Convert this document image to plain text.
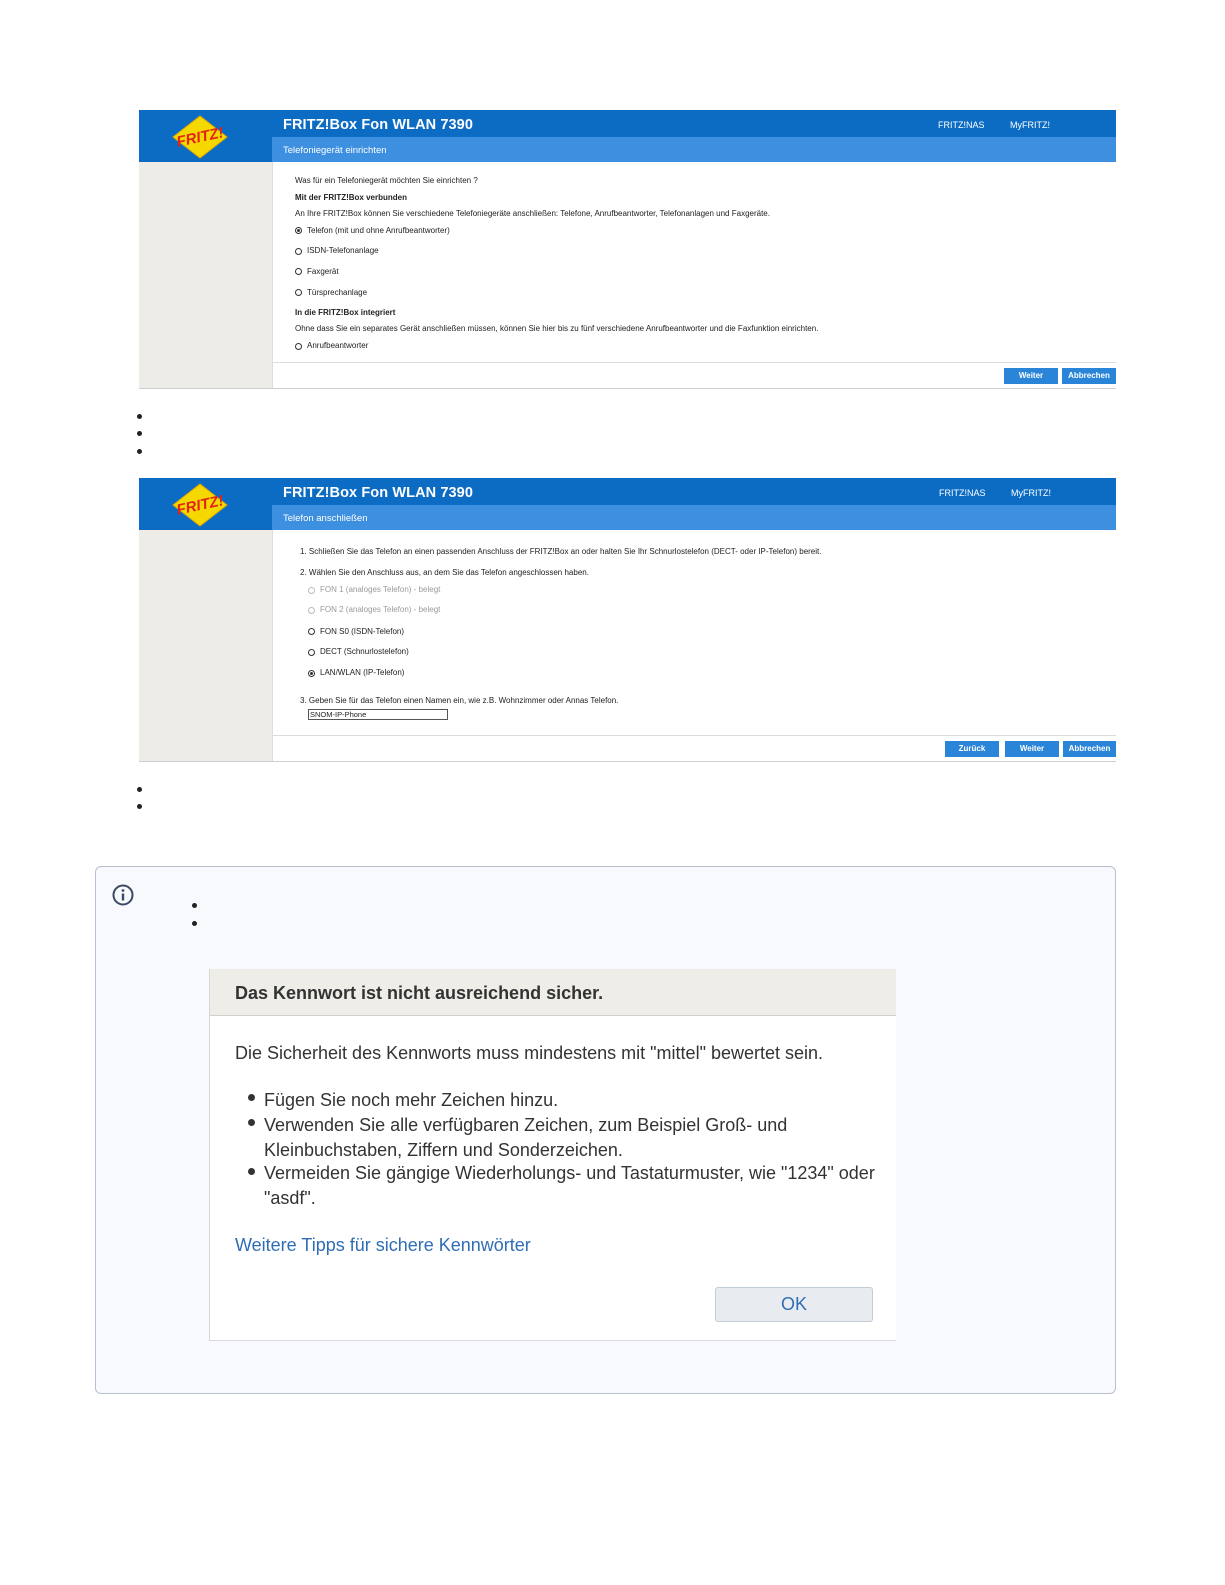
FRITZ!	FRITZ!Box Fon WLAN 7390	FRITZ!NAS	MyFRITZ!
Telefoniegerät einrichten
Was für ein Telefoniegerät möchten Sie einrichten ?
Mit der FRITZ!Box verbunden
An Ihre FRITZ!Box können Sie verschiedene Telefoniegeräte anschließen: Telefone, Anrufbeantworter, Telefonanlagen und Faxgeräte.
Telefon (mit und ohne Anrufbeantworter)
ISDN-Telefonanlage
Faxgerät
Türsprechanlage
In die FRITZ!Box integriert
Ohne dass Sie ein separates Gerät anschließen müssen, können Sie hier bis zu fünf verschiedene Anrufbeantworter und die Faxfunktion einrichten.
Anrufbeantworter
Weiter	Abbrechen
FRITZ!	FRITZ!Box Fon WLAN 7390	FRITZ!NAS	MyFRITZ!
Telefon anschließen
1. Schließen Sie das Telefon an einen passenden Anschluss der FRITZ!Box an oder halten Sie Ihr Schnurlostelefon (DECT- oder IP-Telefon) bereit.
2. Wählen Sie den Anschluss aus, an dem Sie das Telefon angeschlossen haben.
FON 1 (analoges Telefon) - belegt
FON 2 (analoges Telefon) - belegt
FON S0 (ISDN-Telefon)
DECT (Schnurlostelefon)
LAN/WLAN (IP-Telefon)
3. Geben Sie für das Telefon einen Namen ein, wie z.B. Wohnzimmer oder Annas Telefon.
SNOM-IP-Phone
Zurück	Weiter	Abbrechen
Das Kennwort ist nicht ausreichend sicher.
Die Sicherheit des Kennworts muss mindestens mit "mittel" bewertet sein.
Fügen Sie noch mehr Zeichen hinzu.
Verwenden Sie alle verfügbaren Zeichen, zum Beispiel Groß- und
Kleinbuchstaben, Ziffern und Sonderzeichen.
Vermeiden Sie gängige Wiederholungs- und Tastaturmuster, wie "1234" oder
"asdf".
Weitere Tipps für sichere Kennwörter
OK
